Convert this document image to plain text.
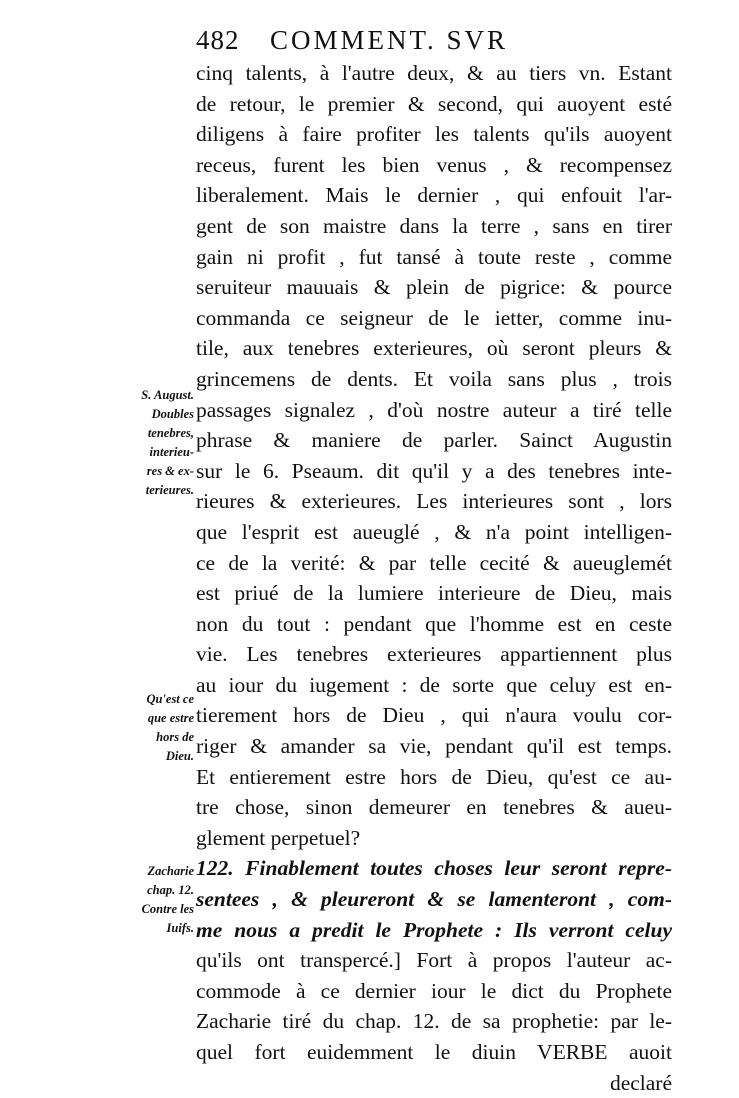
482 COMMENT. SVR
cinq talents, à l'autre deux, & au tiers vn. Estant
de retour, le premier & second, qui auoyent esté
diligens à faire profiter les talents qu'ils auoyent
receus, furent les bien venus , & recompensez
liberalement. Mais le dernier , qui enfouit l'ar-
gent de son maistre dans la terre , sans en tirer
gain ni profit , fut tansé à toute reste , comme
seruiteur mauuais & plein de pigrice: & pource
commanda ce seigneur de le ietter, comme inu-
tile, aux tenebres exterieures, où seront pleurs &
grincemens de dents. Et voila sans plus , trois
passages signalez , d'où nostre auteur a tiré telle
phrase & maniere de parler. Sainct Augustin
sur le 6. Pseaum. dit qu'il y a des tenebres inte-
rieures & exterieures. Les interieures sont , lors
que l'esprit est aueuglé , & n'a point intelligen-
ce de la verité: & par telle cecité & aueuglemét
est priué de la lumiere interieure de Dieu, mais
non du tout : pendant que l'homme est en ceste
vie. Les tenebres exterieures appartiennent plus
au iour du iugement : de sorte que celuy est en-
tierement hors de Dieu , qui n'aura voulu cor-
riger & amander sa vie, pendant qu'il est temps.
Et entierement estre hors de Dieu, qu'est ce au-
tre chose, sinon demeurer en tenebres & aueu-
glement perpetuel?
122. Finablement toutes choses leur seront repre-
sentees , & pleureront & se lamenteront , com-
me nous a predit le Prophete : Ils verront celuy
qu'ils ont transpercé.] Fort à propos l'auteur ac-
commode à ce dernier iour le dict du Prophete
Zacharie tiré du chap. 12. de sa prophetie: par le-
quel fort euidemment le diuin VERBE auoit
declaré
S. August.
Doubles
tenebres,
interieu-
res & ex-
terieures.
Qu'est ce
que estre
hors de
Dieu.
Zacharie
chap. 12.
Contre les
Iuifs.
